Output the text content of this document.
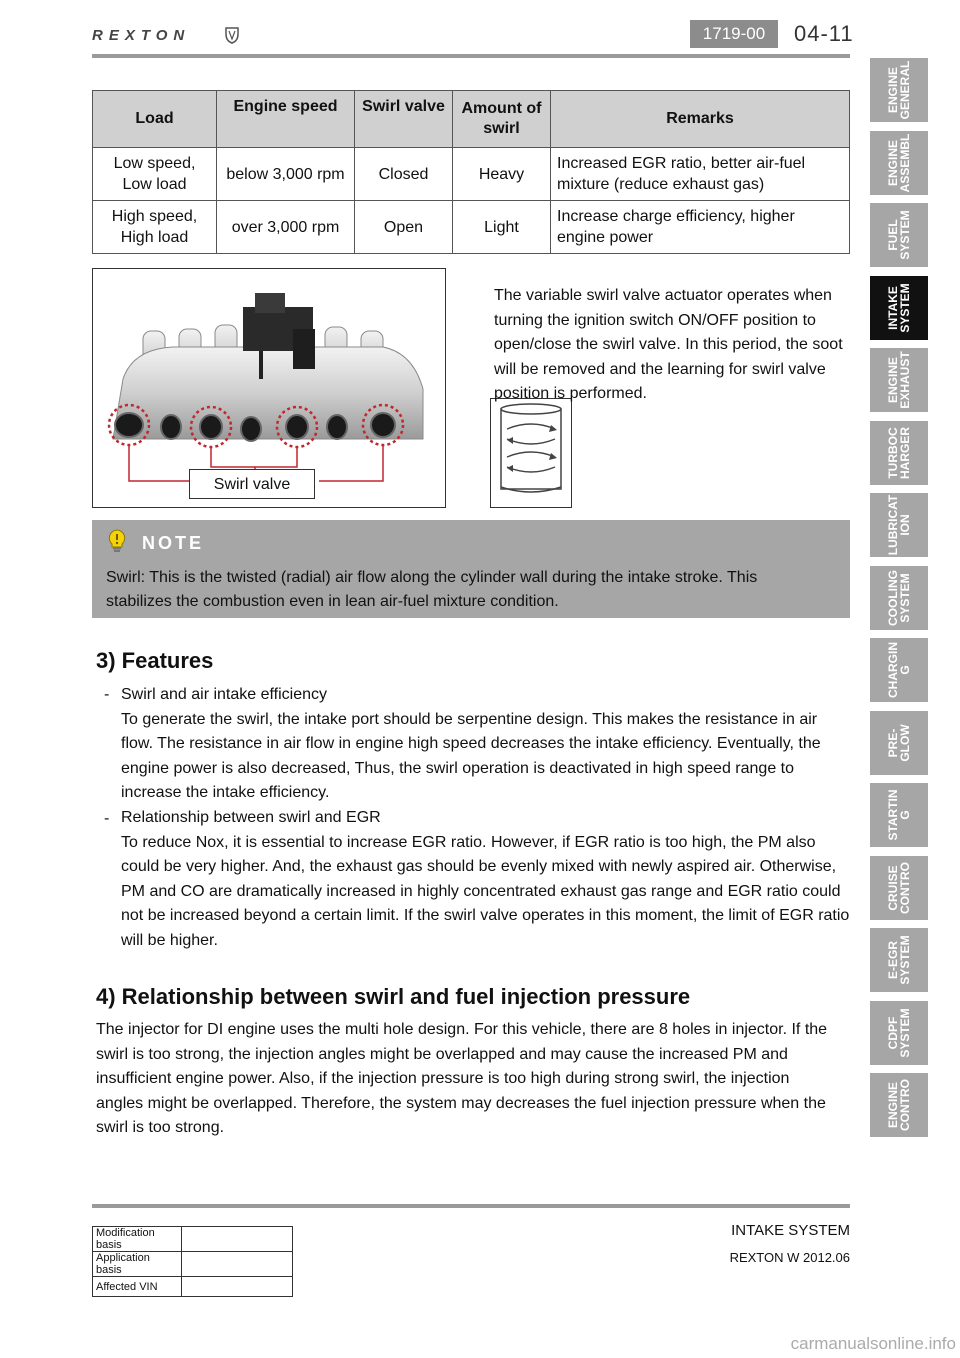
REXTON	1719-00	04-11
ENGINE
GENERAL
ENGINE
ASSEMBL
FUEL
SYSTEM
INTAKE
SYSTEM
ENGINE
EXHAUST
TURBOC
HARGER
LUBRICAT
ION
COOLING
SYSTEM
CHARGIN
G
PRE-
GLOW
STARTIN
G
CRUISE
CONTRO
E-EGR
SYSTEM
CDPF
SYSTEM
ENGINE
CONTRO
Load	Engine speed	Swirl valve	Amount of swirl	Remarks
Low speed, Low load	below 3,000 rpm	Closed	Heavy	Increased EGR ratio, better air-fuel mixture (reduce exhaust gas)
High speed, High load	over 3,000 rpm	Open	Light	Increase charge efficiency, higher engine power
Swirl valve
The variable swirl valve actuator operates when turning the ignition switch ON/OFF position to open/close the swirl valve. In this period, the soot will be removed and the learning for swirl valve position is performed.
NOTE
Swirl: This is the twisted (radial) air flow along the cylinder wall during the intake stroke. This stabilizes the combustion even in lean air-fuel mixture condition.
3) Features
- Swirl and air intake efficiency
To generate the swirl, the intake port should be serpentine design. This makes the resistance in air flow. The resistance in air flow in engine high speed decreases the intake efficiency. Eventually, the engine power is also decreased, Thus, the swirl operation is deactivated in high speed range to increase the intake efficiency.
- Relationship between swirl and EGR
To reduce Nox, it is essential to increase EGR ratio. However, if EGR ratio is too high, the PM also could be very higher. And, the exhaust gas should be evenly mixed with newly aspired air. Otherwise, PM and CO are dramatically increased in highly concentrated exhaust gas range and EGR ratio could not be increased beyond a certain limit. If the swirl valve operates in this moment, the limit of EGR ratio will be higher.
4) Relationship between swirl and fuel injection pressure
The injector for DI engine uses the multi hole design. For this vehicle, there are 8 holes in injector. If the swirl is too strong, the injection angles might be overlapped and may cause the increased PM and insufficient engine power. Also, if the injection pressure is too high during strong swirl, the injection angles might be overlapped. Therefore, the system may decreases the fuel injection pressure when the swirl is too strong.
Modification basis	
Application basis	
Affected VIN	
INTAKE SYSTEM
REXTON W 2012.06
carmanualsonline.info
